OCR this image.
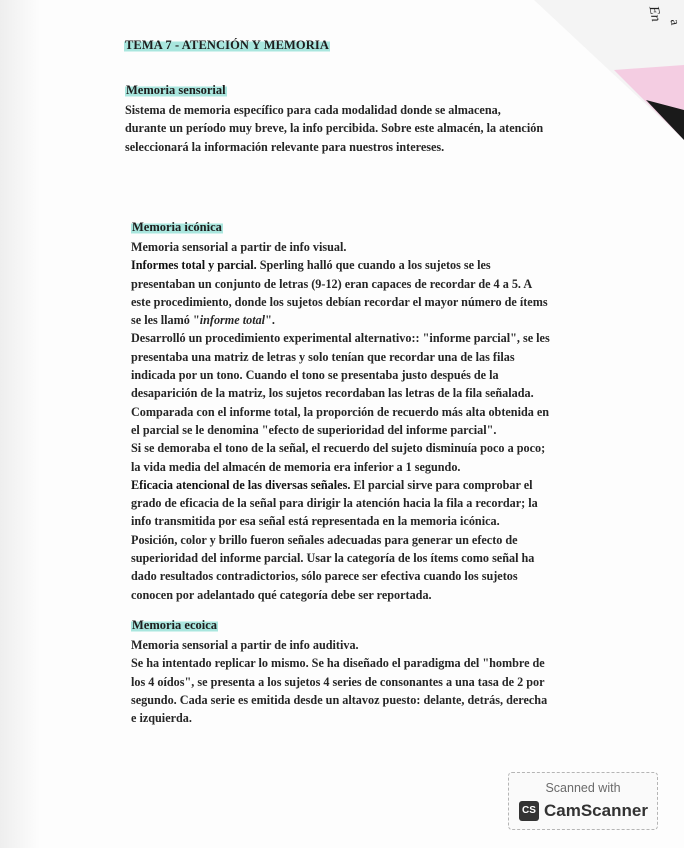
En a
TEMA 7 - ATENCIÓN Y MEMORIA
Memoria sensorial
Sistema de memoria específico para cada modalidad donde se almacena,
durante un período muy breve, la info percibida. Sobre este almacén, la atención
seleccionará la información relevante para nuestros intereses.
Memoria icónica
Memoria sensorial a partir de info visual.
Informes total y parcial. Sperling halló que cuando a los sujetos se les
presentaban un conjunto de letras (9-12) eran capaces de recordar de 4 a 5. A
este procedimiento, donde los sujetos debían recordar el mayor número de ítems
se les llamó "informe total".
Desarrolló un procedimiento experimental alternativo:: "informe parcial", se les
presentaba una matriz de letras y solo tenían que recordar una de las filas
indicada por un tono. Cuando el tono se presentaba justo después de la
desaparición de la matriz, los sujetos recordaban las letras de la fila señalada.
Comparada con el informe total, la proporción de recuerdo más alta obtenida en
el parcial se le denomina "efecto de superioridad del informe parcial".
Si se demoraba el tono de la señal, el recuerdo del sujeto disminuía poco a poco;
la vida media del almacén de memoria era inferior a 1 segundo.
Eficacia atencional de las diversas señales. El parcial sirve para comprobar el
grado de eficacia de la señal para dirigir la atención hacia la fila a recordar; la
info transmitida por esa señal está representada en la memoria icónica.
Posición, color y brillo fueron señales adecuadas para generar un efecto de
superioridad del informe parcial. Usar la categoría de los ítems como señal ha
dado resultados contradictorios, sólo parece ser efectiva cuando los sujetos
conocen por adelantado qué categoría debe ser reportada.
Memoria ecoica
Memoria sensorial a partir de info auditiva.
Se ha intentado replicar lo mismo. Se ha diseñado el paradigma del "hombre de
los 4 oídos", se presenta a los sujetos 4 series de consonantes a una tasa de 2 por
segundo. Cada serie es emitida desde un altavoz puesto: delante, detrás, derecha
e izquierda.
Scanned with
CS CamScanner
